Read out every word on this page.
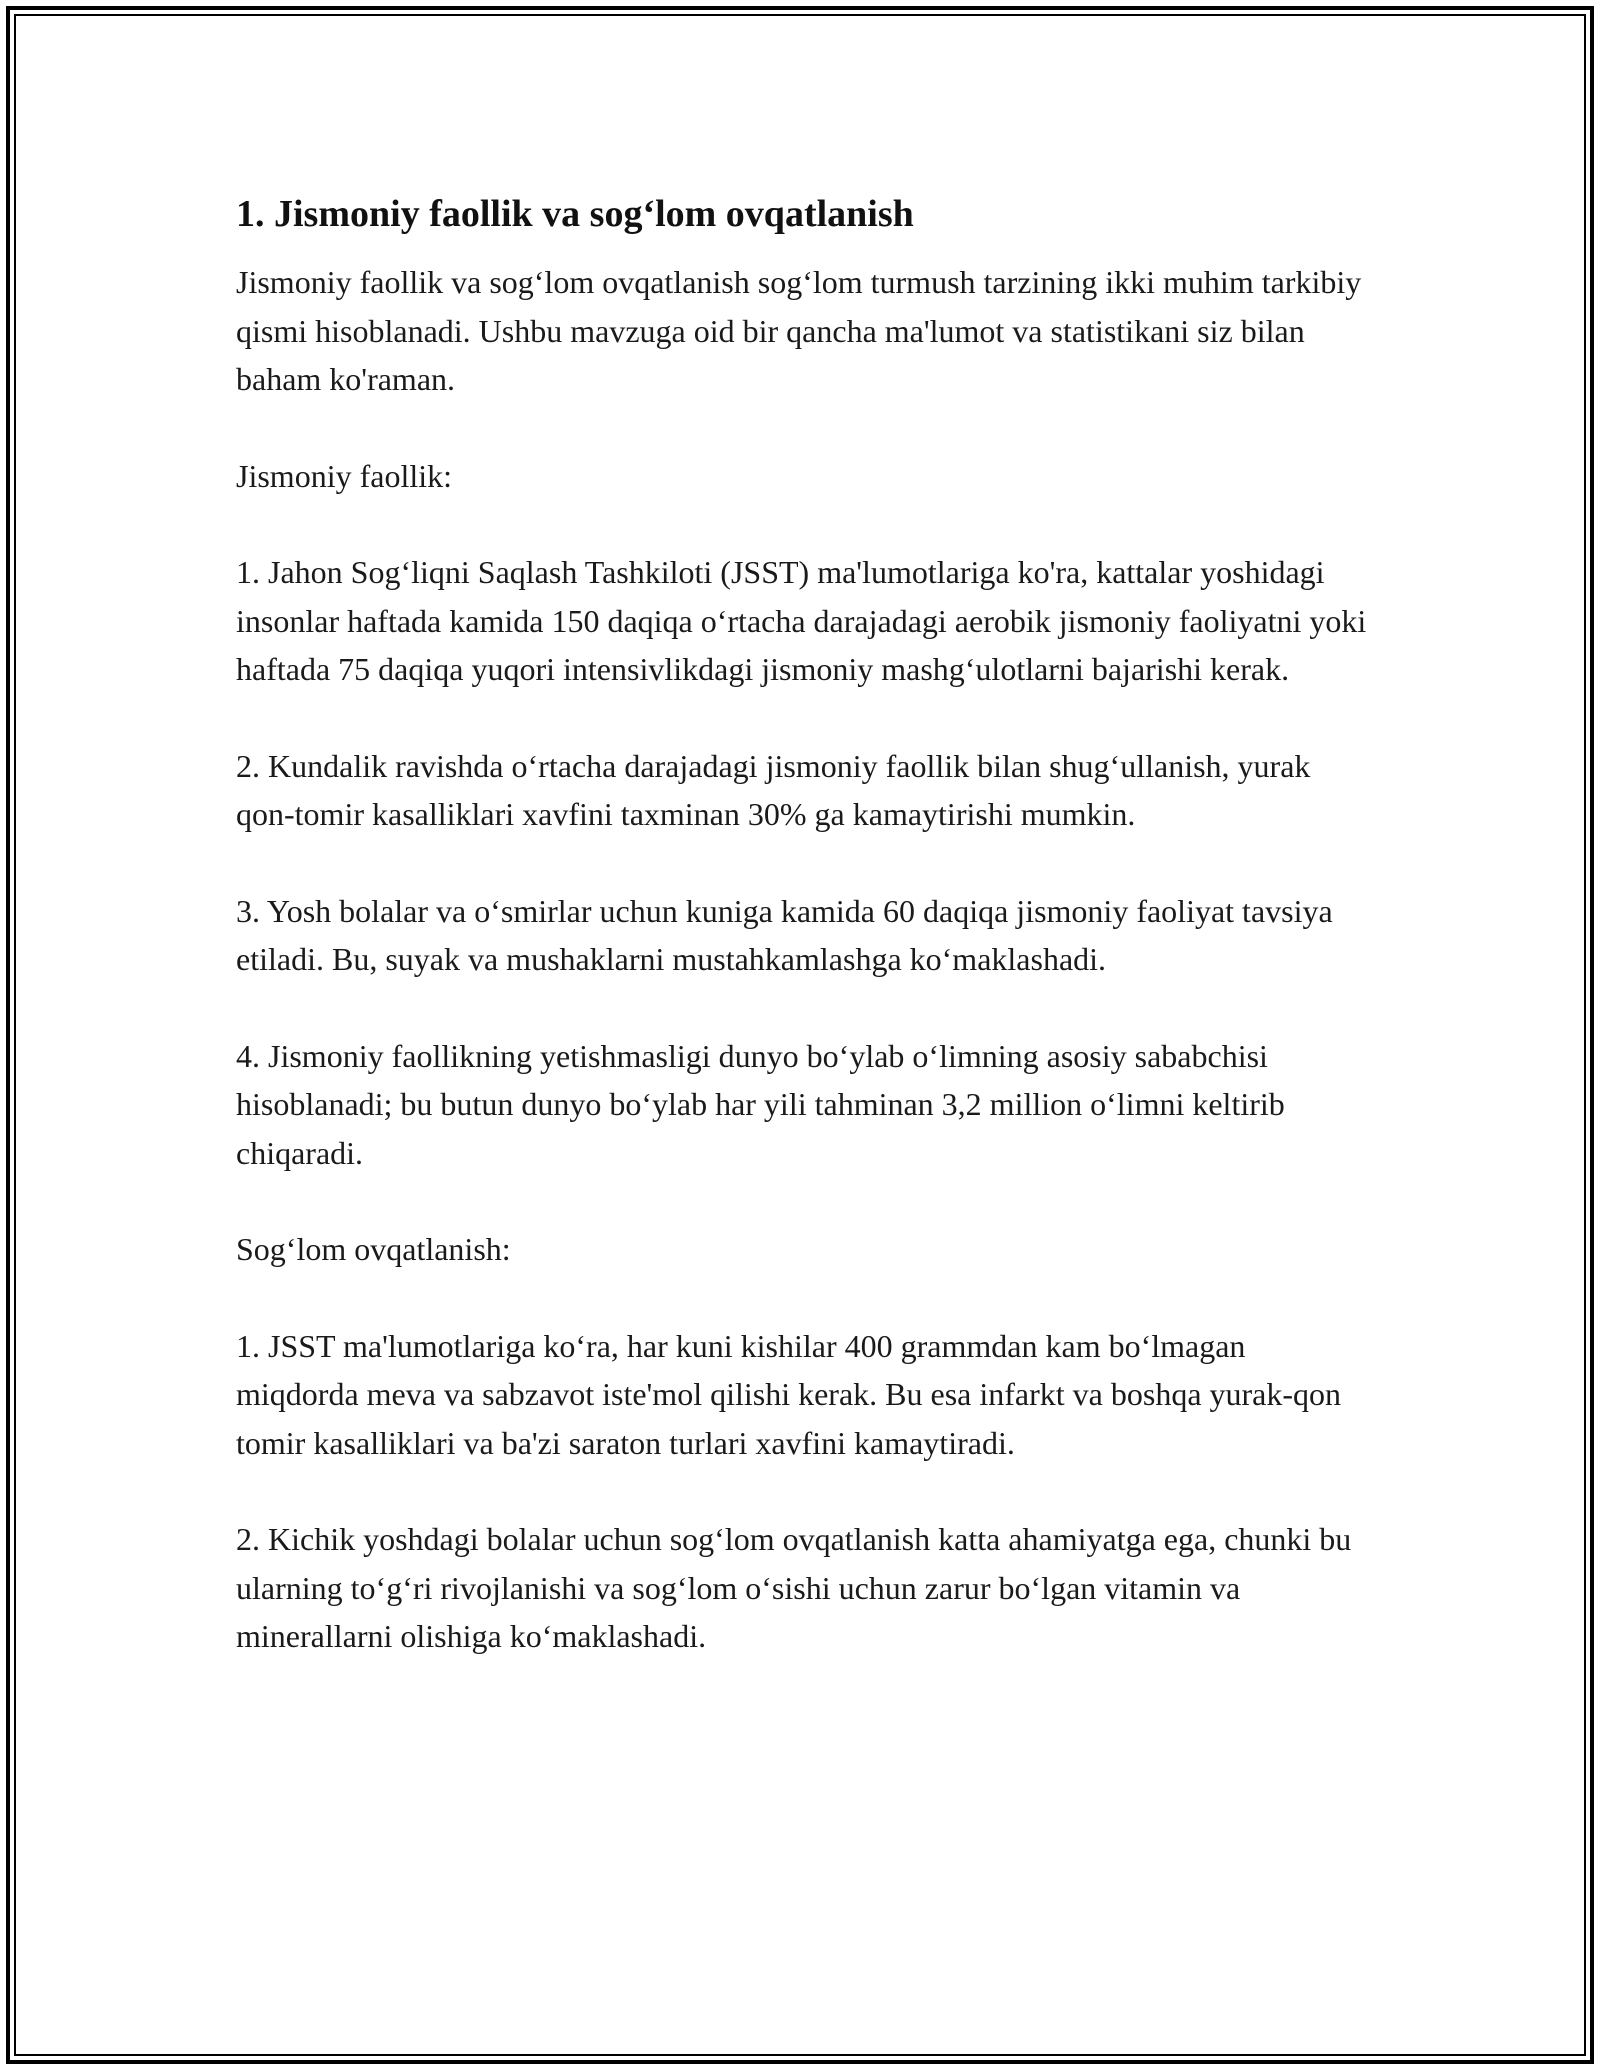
1. Jismoniy faollik va sog‘lom ovqatlanish

Jismoniy faollik va sog‘lom ovqatlanish sog‘lom turmush tarzining ikki muhim tarkibiy qismi hisoblanadi. Ushbu mavzuga oid bir qancha ma'lumot va statistikani siz bilan baham ko'raman.

Jismoniy faollik:

1. Jahon Sog‘liqni Saqlash Tashkiloti (JSST) ma'lumotlariga ko'ra, kattalar yoshidagi insonlar haftada kamida 150 daqiqa o‘rtacha darajadagi aerobik jismoniy faoliyatni yoki haftada 75 daqiqa yuqori intensivlikdagi jismoniy mashg‘ulotlarni bajarishi kerak.

2. Kundalik ravishda o‘rtacha darajadagi jismoniy faollik bilan shug‘ullanish, yurak qon-tomir kasalliklari xavfini taxminan 30% ga kamaytirishi mumkin.

3. Yosh bolalar va o‘smirlar uchun kuniga kamida 60 daqiqa jismoniy faoliyat tavsiya etiladi. Bu, suyak va mushaklarni mustahkamlashga ko‘maklashadi.

4. Jismoniy faollikning yetishmasligi dunyo bo‘ylab o‘limning asosiy sababchisi hisoblanadi; bu butun dunyo bo‘ylab har yili tahminan 3,2 million o‘limni keltirib chiqaradi.

Sog‘lom ovqatlanish:

1. JSST ma'lumotlariga ko‘ra, har kuni kishilar 400 grammdan kam bo‘lmagan miqdorda meva va sabzavot iste'mol qilishi kerak. Bu esa infarkt va boshqa yurak-qon tomir kasalliklari va ba'zi saraton turlari xavfini kamaytiradi.

2. Kichik yoshdagi bolalar uchun sog‘lom ovqatlanish katta ahamiyatga ega, chunki bu ularning to‘g‘ri rivojlanishi va sog‘lom o‘sishi uchun zarur bo‘lgan vitamin va minerallarni olishiga ko‘maklashadi.
